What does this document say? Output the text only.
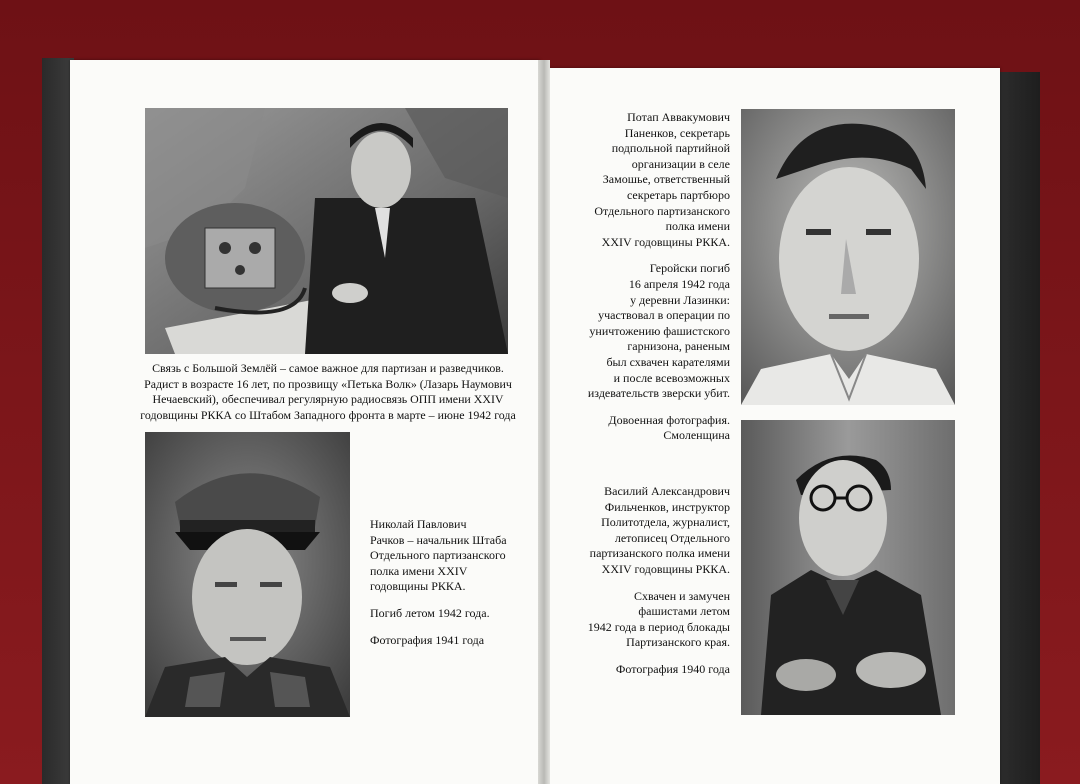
Связь с Большой Землёй – самое важное для партизан и разведчиков.

Радист в возрасте 16 лет, по прозвищу «Петька Волк» (Лазарь Наумович

Нечаевский), обеспечивал регулярную радиосвязь ОПП имени XXIV

годовщины РККА со Штабом Западного фронта в марте – июне 1942 года

Николай Павлович

Рачков – начальник Штаба

Отдельного партизанского

полка имени XXIV

годовщины РККА.

Погиб летом 1942 года.

Фотография 1941 года

Потап Аввакумович

Паненков, секретарь

подпольной партийной

организации в селе

Замошье, ответственный

секретарь партбюро

Отдельного партизанского

полка имени

XXIV годовщины РККА.

Геройски погиб

16 апреля 1942 года

у деревни Лазинки:

участвовал в операции по

уничтожению фашистского

гарнизона, раненым

был схвачен карателями

и после всевозможных

издевательств зверски убит.

Довоенная фотография.

Смоленщина

Василий Александрович

Фильченков, инструктор

Политотдела, журналист,

летописец Отдельного

партизанского полка имени

XXIV годовщины РККА.

Схвачен и замучен

фашистами летом

1942 года в период блокады

Партизанского края.

Фотография 1940 года
